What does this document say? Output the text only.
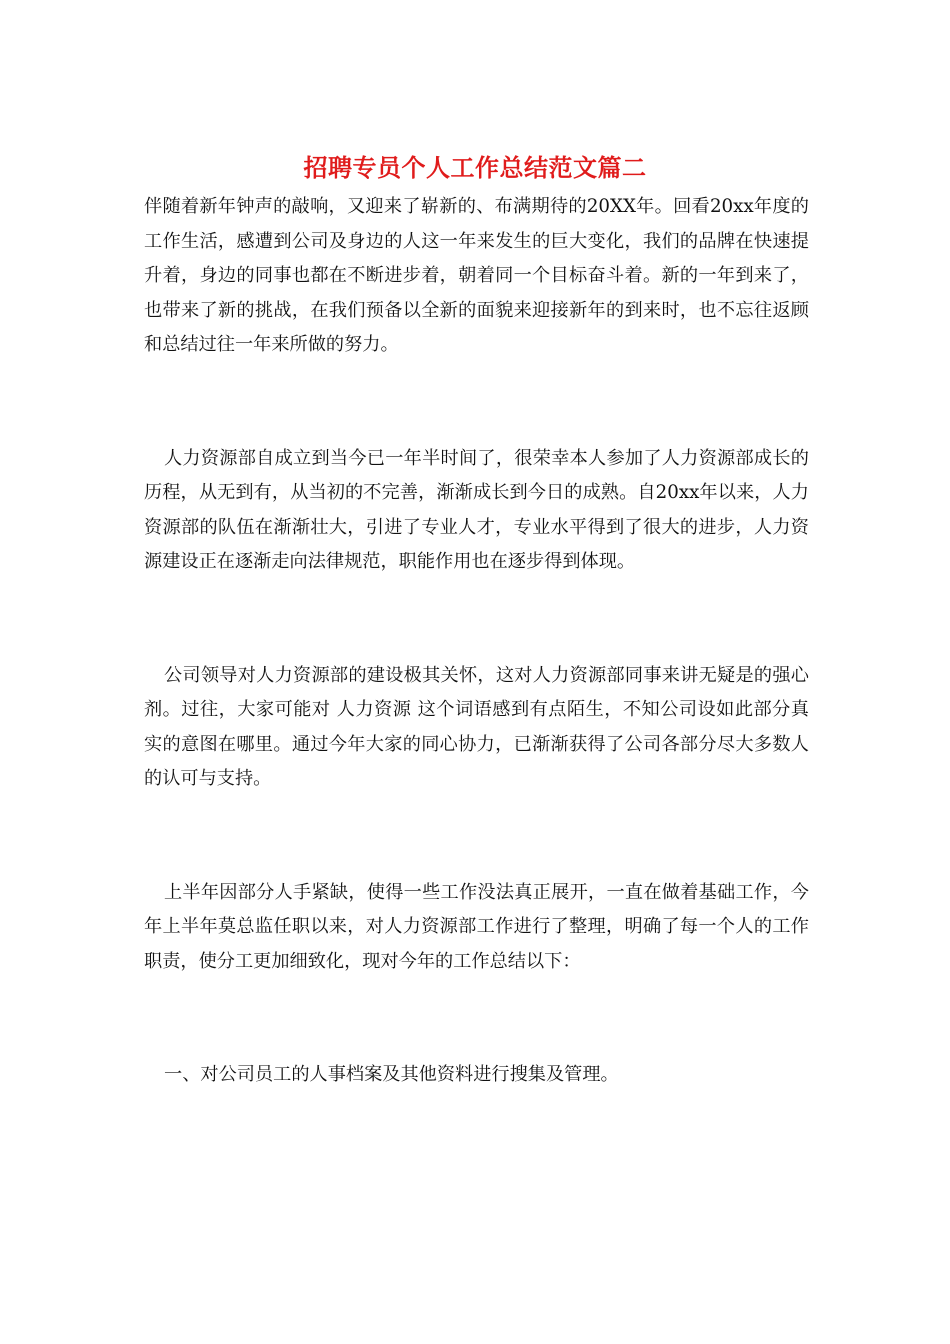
招聘专员个人工作总结范文篇二

伴随着新年钟声的敲响，又迎来了崭新的、布满期待的20XX年。回看20xx年度的工作生活，感遭到公司及身边的人这一年来发生的巨大变化，我们的品牌在快速提升着，身边的同事也都在不断进步着，朝着同一个目标奋斗着。新的一年到来了，也带来了新的挑战，在我们预备以全新的面貌来迎接新年的到来时，也不忘往返顾和总结过往一年来所做的努力。

人力资源部自成立到当今已一年半时间了，很荣幸本人参加了人力资源部成长的历程，从无到有，从当初的不完善，渐渐成长到今日的成熟。自20xx年以来，人力资源部的队伍在渐渐壮大，引进了专业人才，专业水平得到了很大的进步，人力资源建设正在逐渐走向法律规范，职能作用也在逐步得到体现。

公司领导对人力资源部的建设极其关怀，这对人力资源部同事来讲无疑是的强心剂。过往，大家可能对 人力资源 这个词语感到有点陌生，不知公司设如此部分真实的意图在哪里。通过今年大家的同心协力，已渐渐获得了公司各部分尽大多数人的认可与支持。

上半年因部分人手紧缺，使得一些工作没法真正展开，一直在做着基础工作，今年上半年莫总监任职以来，对人力资源部工作进行了整理，明确了每一个人的工作职责，使分工更加细致化，现对今年的工作总结以下：

一、对公司员工的人事档案及其他资料进行搜集及管理。
